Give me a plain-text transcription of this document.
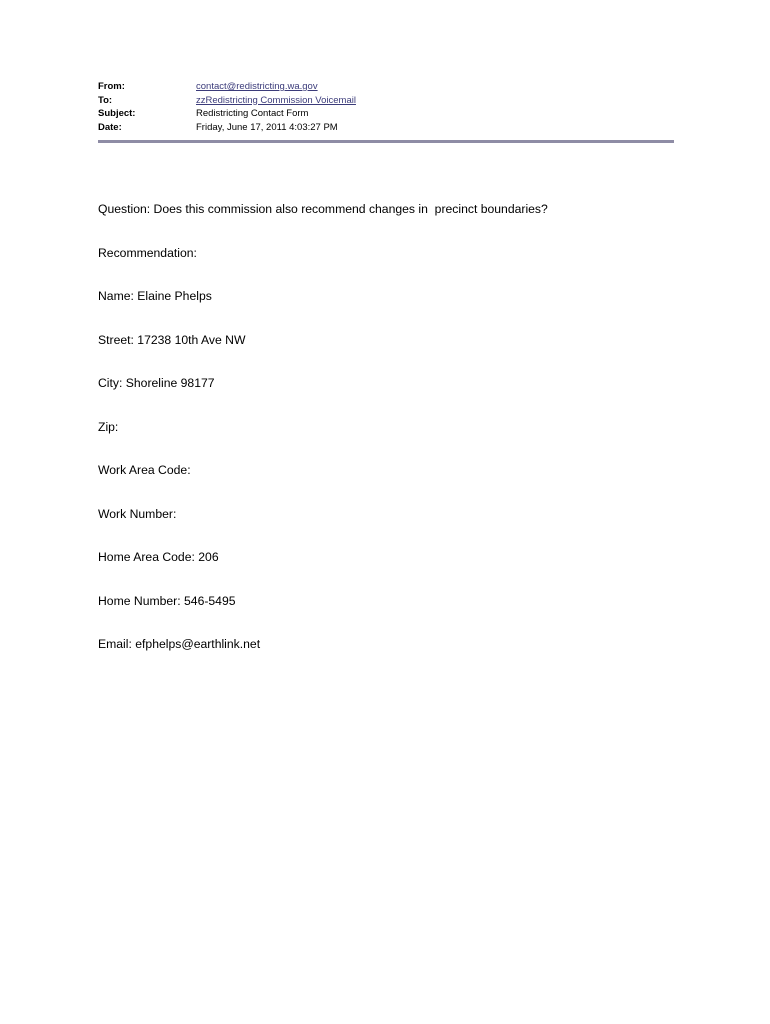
From:	contact@redistricting.wa.gov
To:	zzRedistricting Commission Voicemail
Subject:	Redistricting Contact Form
Date:	Friday, June 17, 2011 4:03:27 PM

Question: Does this commission also recommend changes in  precinct boundaries?

Recommendation:

Name: Elaine Phelps

Street: 17238 10th Ave NW

City: Shoreline 98177

Zip:

Work Area Code:

Work Number:

Home Area Code: 206

Home Number: 546-5495

Email: efphelps@earthlink.net
